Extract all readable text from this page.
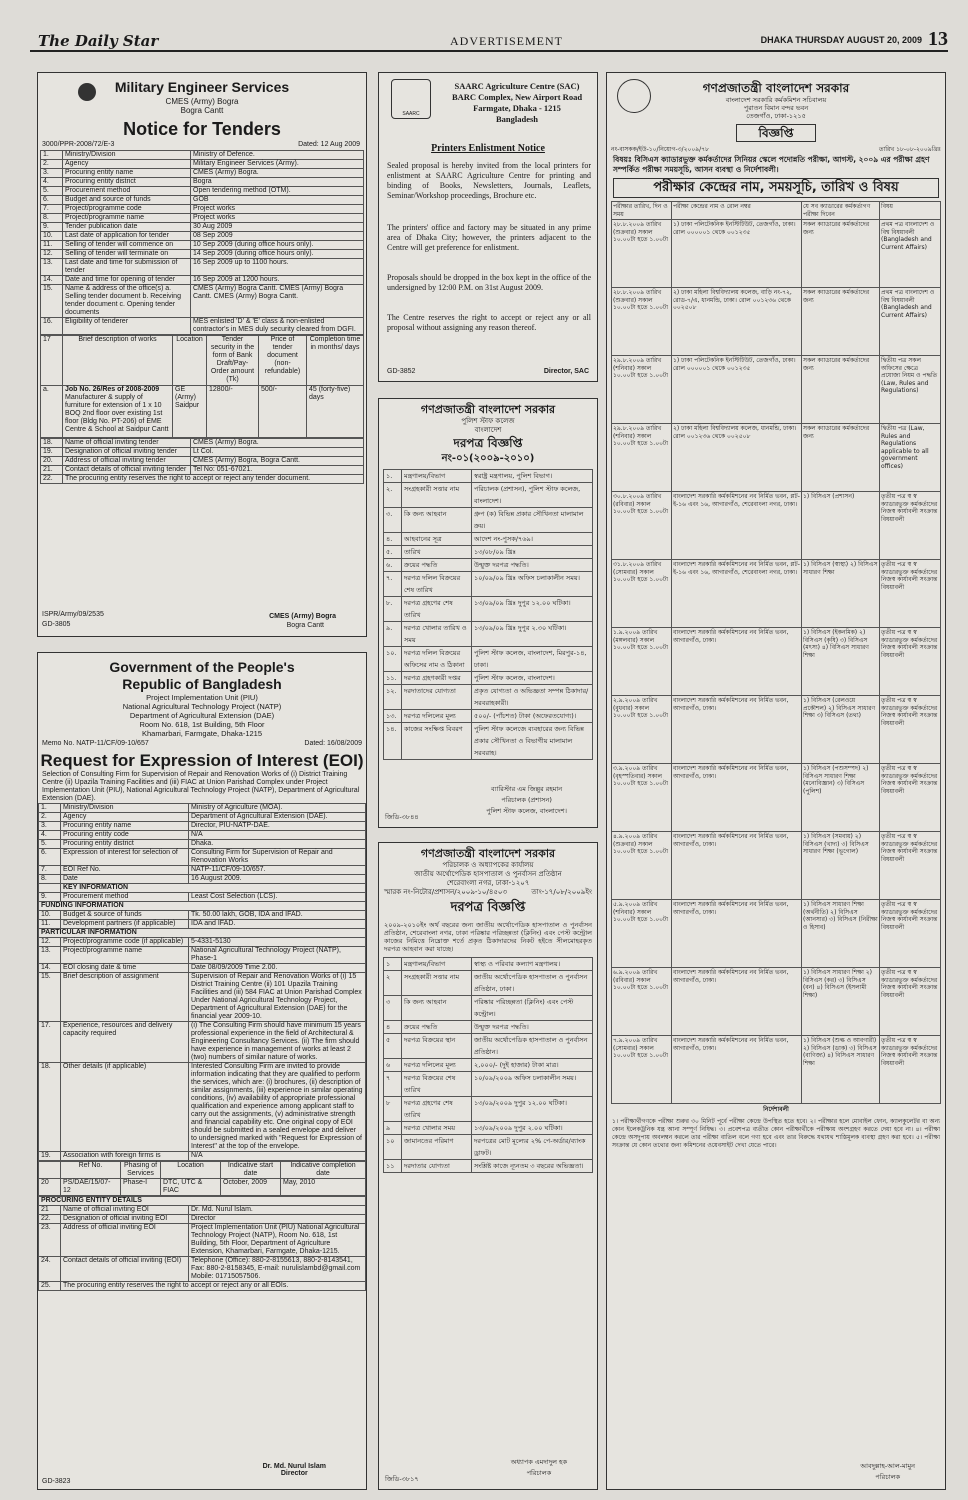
The Daily Star	ADVERTISEMENT	DHAKA THURSDAY AUGUST 20, 2009 13
Military Engineer Services
CMES (Army) Bogra
Bogra Cantt
Notice for Tenders
3000/PPR-2008/72/E-3	Dated: 12 Aug 2009
1.	Ministry/Division	Ministry of Defence.
2.	Agency	Military Engineer Services (Army).
3.	Procuring entity name	CMES (Army) Bogra.
4.	Procuring entity district	Bogra
5.	Procurement method	Open tendering method (OTM).
6.	Budget and source of funds	GOB
7.	Project/programme code	Project works
8.	Project/programme name	Project works
9.	Tender publication date	30 Aug 2009
10.	Last date of application for tender	08 Sep 2009
11.	Selling of tender will commence on	10 Sep 2009 (during office hours only).
12.	Selling of tender will terminate on	14 Sep 2009 (during office hours only).
13.	Last date and time for submission of tender	16 Sep 2009 up to 1100 hours.
14.	Date and time for opening of tender	16 Sep 2009 at 1200 hours.
15.	Name & address of the office(s) a. Selling tender document b. Receiving tender document c. Opening tender documents	CMES (Army) Bogra Cantt. CMES (Army) Bogra Cantt. CMES (Army) Bogra Cantt.
16.	Eligibility of tenderer	MES enlisted 'D' & 'E' class & non-enlisted contractor's in MES duly security cleared from DGFI.
17	Brief description of works	Location	Tender security in the form of Bank Draft/Pay-Order amount (Tk)	Price of tender document (non-refundable)	Completion time in months/ days
a.	Job No. 26/Res of 2008-2009
Manufacturer & supply of furniture for extension of 1 x 10 BOQ 2nd floor over existing 1st floor (Bldg No. PT-206) of EME Centre & School at Saidpur Cantt	GE (Army) Saidpur	12800/-	500/-	45 (forty-five) days
18.	Name of official inviting tender	CMES (Army) Bogra.
19.	Designation of official inviting tender	Lt Col.
20.	Address of official inviting tender	CMES (Army) Bogra, Bogra Cantt.
21.	Contact details of official inviting tender	Tel No: 051-67021.
22.	The procuring entity reserves the right to accept or reject any tender document.	
ISPR/Army/09/2535
GD-3805
CMES (Army) Bogra
Bogra Cantt
Government of the People's
Republic of Bangladesh
Project Implementation Unit (PIU)
National Agricultural Technology Project (NATP)
Department of Agricultural Extension (DAE)
Room No. 618, 1st Building, 5th Floor
Khamarbari, Farmgate, Dhaka-1215
Memo No. NATP-11/CF/09-10/657	Dated: 16/08/2009
Request for Expression of Interest (EOI)
Selection of Consulting Firm for Supervision of Repair and Renovation Works of (i) District Training Centre (ii) Upazila Training Facilities and (iii) FIAC at Union Parishad Complex under Project Implementation Unit (PIU), National Agricultural Technology Project (NATP), Department of Agricultural Extension (DAE).
1.	Ministry/Division	Ministry of Agriculture (MOA).
2.	Agency	Department of Agricultural Extension (DAE).
3.	Procuring entity name	Director, PIU-NATP-DAE.
4.	Procuring entity code	N/A
5.	Procuring entity district	Dhaka.
6.	Expression of interest for selection of	Consulting Firm for Supervision of Repair and Renovation Works
7.	EOI Ref No.	NATP-11/CF/09-10/657.
8.	Date	16 August 2009.
	KEY INFORMATION	
9.	Procurement method	Least Cost Selection (LCS).
FUNDING INFORMATION		
10.	Budget & source of funds	Tk. 50.00 lakh, GOB, IDA and IFAD.
11.	Development partners (if applicable)	IDA and IFAD.
PARTICULAR INFORMATION		
12.	Project/programme code (if applicable)	5-4331-5130
13.	Project/programme name	National Agricultural Technology Project (NATP), Phase-1
14.	EOI closing date & time	Date 08/09/2009 Time 2.00.
15.	Brief description of assignment	Supervision of Repair and Renovation Works of (i) 15 District Training Centre (ii) 101 Upazila Training Facilities and (iii) 584 FIAC at Union Parishad Complex Under National Agricultural Technology Project, Department of Agricultural Extension (DAE) for the financial year 2009-10.
17.	Experience, resources and delivery capacity required	(i) The Consulting Firm should have minimum 15 years professional experience in the field of Architectural & Engineering Consultancy Services. (ii) The firm should have experience in management of works at least 2 (two) numbers of similar nature of works.
18.	Other details (if applicable)	Interested Consulting Firm are invited to provide information indicating that they are qualified to perform the services, which are: (i) brochures, (ii) description of similar assignments, (iii) experience in similar operating conditions, (iv) availability of appropriate professional qualification and experience among applicant staff to carry out the assignments, (v) administrative strength and financial capability etc. One original copy of EOI should be submitted in a sealed envelope and deliver to undersigned marked with "Request for Expression of Interest" at the top of the envelope.
19.	Association with foreign firms is	N/A
	Ref No.	Phasing of Services	Location	Indicative start date	Indicative completion date
20	PS/DAE/15/07-12	Phase-I	DTC, UTC & FIAC	October, 2009	May, 2010
PROCURING ENTITY DETAILS		
21	Name of official inviting EOI	Dr. Md. Nurul Islam.
22.	Designation of official inviting EOI	Director
23.	Address of official inviting EOI	Project Implementation Unit (PIU) National Agricultural Technology Project (NATP), Room No. 618, 1st Building, 5th Floor, Department of Agriculture Extension, Khamarbari, Farmgate, Dhaka-1215.
24.	Contact details of official inviting (EOI)	Telephone (Office): 880-2-8155613, 880-2-8143541, Fax: 880-2-8158345, E-mail: nurulislambd@gmail.com Mobile: 01715057506.
25.	The procuring entity reserves the right to accept or reject any or all EOIs.	
Dr. Md. Nurul Islam
Director
GD-3823
SAARC
SAARC Agriculture Centre (SAC)
BARC Complex, New Airport Road
Farmgate, Dhaka - 1215
Bangladesh
Printers Enlistment Notice
Sealed proposal is hereby invited from the local printers for enlistment at SAARC Agriculture Centre for printing and binding of Books, Newsletters, Journals, Leaflets, Seminar/Workshop proceedings, Brochure etc.
The printers' office and factory may be situated in any prime area of Dhaka City; however, the printers adjacent to the Centre will get preference for enlistment.
Proposals should be dropped in the box kept in the office of the undersigned by 12:00 P.M. on 31st August 2009.
The Centre reserves the right to accept or reject any or all proposal without assigning any reason thereof.
GD-3852	Director, SAC
গণপ্রজাতন্ত্রী বাংলাদেশ সরকার
পুলিশ স্টাফ কলেজ
বাংলাদেশ
দরপত্র বিজ্ঞপ্তি
নং-০১(২০০৯-২০১০)
১.	মন্ত্রণালয়/বিভাগ	স্বরাষ্ট্র মন্ত্রণালয়, পুলিশ বিভাগ।
২.	সংগ্রহকারী সত্তার নাম	পরিচালক (প্রশাসন), পুলিশ স্টাফ কলেজ, বাংলাদেশ।
৩.	কি জন্য আহবান	গ্রুপ (ক) বিভিন্ন প্রকার সৌখিনতা মালামাল ক্রয়।
৪.	আহবানের সূত্র	আদেশ নং-পুসক/৭৬৯।
৫.	তারিখ	১৩/০৮/০৯ খ্রিঃ
৬.	ক্রয়ের পদ্ধতি	উন্মুক্ত দরপত্র পদ্ধতি।
৭.	দরপত্র দলিল বিক্রয়ের শেষ তারিখ	১০/০৯/০৯ খ্রিঃ অফিস চলাকালীন সময়।
৮.	দরপত্র গ্রহণের শেষ তারিখ	১৩/০৯/০৯ খ্রিঃ দুপুর ১২.০০ ঘটিকা।
৯.	দরপত্র খোলার তারিখ ও সময়	১৩/০৯/০৯ খ্রিঃ দুপুর ২.৩০ ঘটিকা।
১০.	দরপত্র দলিল বিক্রয়ের অফিসের নাম ও ঠিকানা	পুলিশ স্টাফ কলেজ, বাংলাদেশ, মিরপুর-১৪, ঢাকা।
১১.	দরপত্র গ্রহণকারী দপ্তর	পুলিশ স্টাফ কলেজ, বাংলাদেশ।
১২.	দরদাতাদের যোগ্যতা	প্রকৃত যোগ্যতা ও অভিজ্ঞতা সম্পন্ন ঠিকাদার/সরবরাহকারী।
১৩.	দরপত্র দলিলের মূল্য	৫০০/- (পাঁচশত) টাকা (অফেরতযোগ্য)।
১৪.	কাজের সংক্ষিপ্ত বিবরণ	পুলিশ স্টাফ কলেজে ব্যবহারের জন্য বিভিন্ন প্রকার সৌখিনতা ও বিভাগীয় মালামাল সরবরাহ।
ব্যারিস্টার এম জিল্লুর রহমান
পরিচালক (প্রশাসন)
পুলিশ স্টাফ কলেজ, বাংলাদেশ।
জিডি-৩৮৪৪
গণপ্রজাতন্ত্রী বাংলাদেশ সরকার
পরিচালক ও অধ্যাপকের কার্যালয়
জাতীয় অর্থোপেডিক হাসপাতাল ও পুনর্বাসন প্রতিষ্ঠান
শেরেবাংলা নগর, ঢাকা-১২০৭
স্মারক নং-নিটোর/প্রশাসন/২০০৯-১০/৪৫০৩	তাং-১৭/০৮/২০০৯ইং
দরপত্র বিজ্ঞপ্তি
২০০৯-২০১০ইং অর্থ বছরের জন্য জাতীয় অর্থোপেডিক হাসপাতাল ও পুনর্বাসন প্রতিষ্ঠান, শেরেবাংলা নগর, ঢাকা পরিষ্কার পরিচ্ছন্নতা (ক্লিনিং) এবং পেস্ট কন্ট্রোল কাজের নিমিত্তে নিম্নোক্ত শর্তে প্রকৃত ঠিকাদারদের নিকট হইতে সীলমোহরকৃত দরপত্র আহবান করা যাচ্ছে।
১	মন্ত্রণালয়/বিভাগ	স্বাস্থ্য ও পরিবার কল্যাণ মন্ত্রণালয়।
২	সংগ্রহকারী সত্তার নাম	জাতীয় অর্থোপেডিক হাসপাতাল ও পুনর্বাসন প্রতিষ্ঠান, ঢাকা।
৩	কি জন্য আহবান	পরিষ্কার পরিচ্ছন্নতা (ক্লিনিং) এবং পেস্ট কন্ট্রোল।
৪	ক্রয়ের পদ্ধতি	উন্মুক্ত দরপত্র পদ্ধতি।
৫	দরপত্র বিক্রয়ের স্থান	জাতীয় অর্থোপেডিক হাসপাতাল ও পুনর্বাসন প্রতিষ্ঠান।
৬	দরপত্র দলিলের মূল্য	২,০০০/- (দুই হাজার) টাকা মাত্র।
৭	দরপত্র বিক্রয়ের শেষ তারিখ	১০/০৯/২০০৯ অফিস চলাকালীন সময়।
৮	দরপত্র গ্রহণের শেষ তারিখ	১৩/০৯/২০০৯ দুপুর ১২.০০ ঘটিকা।
৯	দরপত্র খোলার সময়	১৩/০৯/২০০৯ দুপুর ২.০০ ঘটিকা।
১০	জামানতের পরিমাণ	দরপত্রের মোট মূল্যের ২% পে-অর্ডার/ব্যাংক ড্রাফট।
১১	দরদাতার যোগ্যতা	সংশ্লিষ্ট কাজে ন্যূনতম ৩ বছরের অভিজ্ঞতা।
অধ্যাপক এমদাদুল হক
পরিচালক
জিডি-৩৮১৭
গণপ্রজাতন্ত্রী বাংলাদেশ সরকার
বাংলাদেশ সরকারি কর্মকমিশন সচিবালয়
পুরাতন বিমান বন্দর ভবন
তেজগাঁও, ঢাকা-১২১৫
বিজ্ঞপ্তি
নং-বাসকক/ইউ-১০/নিয়োগ-৩/২০০৯/৭৮	তারিখ ১৮-০৮-২০০৯খ্রিঃ
বিষয়ঃ বিসিএস ক্যাডারভুক্ত কর্মকর্তাদের সিনিয়র স্কেলে পদোন্নতি পরীক্ষা, আগস্ট, ২০০৯ এর পরীক্ষা গ্রহণ সম্পর্কিত পরীক্ষা সময়সূচি, আসন ব্যবস্থা ও নির্দেশাবলী।
পরীক্ষার কেন্দ্রের নাম, সময়সূচি, তারিখ ও বিষয়
পরীক্ষার তারিখ, দিন ও সময়	পরীক্ষা কেন্দ্রের নাম ও রোল নম্বর	যে সব ক্যাডারের কর্মকর্তাগণ পরীক্ষা দিবেন	বিষয়
২৮.৮.২০০৯ তারিখ (শুক্রবার) সকাল ১০.০০টা হতে ১.০০টা	১) ঢাকা পলিটেকনিক ইনস্টিটিউট, তেজগাঁও, ঢাকা। রোল ০০০০০১ থেকে ০০১২৩৫	সকল ক্যাডারের কর্মকর্তাদের জন্য	প্রথম পত্র বাংলাদেশ ও বিশ্ব বিষয়াবলী (Bangladesh and Current Affairs)
২৮.৮.২০০৯ তারিখ (শুক্রবার) সকাল ১০.০০টা হতে ১.০০টা	২) ঢাকা মহিলা বিশ্ববিদ্যালয় কলেজ, বাড়ি নং-৭২, রোড-৭/এ, ধানমন্ডি, ঢাকা। রোল ০০১২৩৬ থেকে ০০২৫০৮	সকল ক্যাডারের কর্মকর্তাদের জন্য	প্রথম পত্র বাংলাদেশ ও বিশ্ব বিষয়াবলী (Bangladesh and Current Affairs)
২৯.৮.২০০৯ তারিখ (শনিবার) সকাল ১০.০০টা হতে ১.০০টা	১) ঢাকা পলিটেকনিক ইনস্টিটিউট, তেজগাঁও, ঢাকা। রোল ০০০০০১ থেকে ০০১২৩৫	সকল ক্যাডারের কর্মকর্তাদের জন্য	দ্বিতীয় পত্র সকল অফিসের ক্ষেত্রে প্রযোজ্য নিয়ম ও পদ্ধতি (Law, Rules and Regulations)
২৯.৮.২০০৯ তারিখ (শনিবার) সকাল ১০.০০টা হতে ১.০০টা	২) ঢাকা মহিলা বিশ্ববিদ্যালয় কলেজ, ধানমন্ডি, ঢাকা। রোল ০০১২৩৬ থেকে ০০২৫০৮	সকল ক্যাডারের কর্মকর্তাদের জন্য	দ্বিতীয় পত্র (Law, Rules and Regulations applicable to all government offices)
৩০.৮.২০০৯ তারিখ (রবিবার) সকাল ১০.০০টা হতে ১.০০টা	বাংলাদেশ সরকারি কর্মকমিশনের নব নির্মিত ভবন, প্লট-ই-১৬ এবং ১৬, আগারগাঁও, শেরেবাংলা নগর, ঢাকা।	১) বিসিএস (প্রশাসন)	তৃতীয় পত্র স্ব স্ব ক্যাডারভুক্ত কর্মকর্তাদের নিজস্ব কার্যাবলী সংক্রান্ত বিষয়াবলী
৩১.৮.২০০৯ তারিখ (সোমবার) সকাল ১০.০০টা হতে ১.০০টা	বাংলাদেশ সরকারি কর্মকমিশনের নব নির্মিত ভবন, প্লট-ই-১৬ এবং ১৬, আগারগাঁও, শেরেবাংলা নগর, ঢাকা।	১) বিসিএস (স্বাস্থ্য) ২) বিসিএস সাধারণ শিক্ষা	তৃতীয় পত্র স্ব স্ব ক্যাডারভুক্ত কর্মকর্তাদের নিজস্ব কার্যাবলী সংক্রান্ত বিষয়াবলী
১.৯.২০০৯ তারিখ (মঙ্গলবার) সকাল ১০.০০টা হতে ১.০০টা	বাংলাদেশ সরকারি কর্মকমিশনের নব নির্মিত ভবন, আগারগাঁও, ঢাকা।	১) বিসিএস (ইকনমিক) ২) বিসিএস (কৃষি) ৩) বিসিএস (মৎস্য) ৪) বিসিএস সাধারণ শিক্ষা	তৃতীয় পত্র স্ব স্ব ক্যাডারভুক্ত কর্মকর্তাদের নিজস্ব কার্যাবলী সংক্রান্ত বিষয়াবলী
২.৯.২০০৯ তারিখ (বুধবার) সকাল ১০.০০টা হতে ১.০০টা	বাংলাদেশ সরকারি কর্মকমিশনের নব নির্মিত ভবন, আগারগাঁও, ঢাকা।	১) বিসিএস (রেলওয়ে প্রকৌশল) ২) বিসিএস সাধারণ শিক্ষা ৩) বিসিএস (তথ্য)	তৃতীয় পত্র স্ব স্ব ক্যাডারভুক্ত কর্মকর্তাদের নিজস্ব কার্যাবলী সংক্রান্ত বিষয়াবলী
৩.৯.২০০৯ তারিখ (বৃহস্পতিবার) সকাল ১০.০০টা হতে ১.০০টা	বাংলাদেশ সরকারি কর্মকমিশনের নব নির্মিত ভবন, আগারগাঁও, ঢাকা।	১) বিসিএস (পশুসম্পদ) ২) বিসিএস সাধারণ শিক্ষা (মনোবিজ্ঞান) ৩) বিসিএস (পুলিশ)	তৃতীয় পত্র স্ব স্ব ক্যাডারভুক্ত কর্মকর্তাদের নিজস্ব কার্যাবলী সংক্রান্ত বিষয়াবলী
৪.৯.২০০৯ তারিখ (শুক্রবার) সকাল ১০.০০টা হতে ১.০০টা	বাংলাদেশ সরকারি কর্মকমিশনের নব নির্মিত ভবন, আগারগাঁও, ঢাকা।	১) বিসিএস (সমবায়) ২) বিসিএস (খাদ্য) ৩) বিসিএস সাধারণ শিক্ষা (ভূগোল)	তৃতীয় পত্র স্ব স্ব ক্যাডারভুক্ত কর্মকর্তাদের নিজস্ব কার্যাবলী সংক্রান্ত বিষয়াবলী
৫.৯.২০০৯ তারিখ (শনিবার) সকাল ১০.০০টা হতে ১.০০টা	বাংলাদেশ সরকারি কর্মকমিশনের নব নির্মিত ভবন, আগারগাঁও, ঢাকা।	১) বিসিএস সাধারণ শিক্ষা (অর্থনীতি) ২) বিসিএস (আনসার) ৩) বিসিএস (নিরীক্ষা ও হিসাব)	তৃতীয় পত্র স্ব স্ব ক্যাডারভুক্ত কর্মকর্তাদের নিজস্ব কার্যাবলী সংক্রান্ত বিষয়াবলী
৬.৯.২০০৯ তারিখ (রবিবার) সকাল ১০.০০টা হতে ১.০০টা	বাংলাদেশ সরকারি কর্মকমিশনের নব নির্মিত ভবন, আগারগাঁও, ঢাকা।	১) বিসিএস সাধারণ শিক্ষা ২) বিসিএস (কর) ৩) বিসিএস (বন) ৪) বিসিএস (ইসলামী শিক্ষা)	তৃতীয় পত্র স্ব স্ব ক্যাডারভুক্ত কর্মকর্তাদের নিজস্ব কার্যাবলী সংক্রান্ত বিষয়াবলী
৭.৯.২০০৯ তারিখ (সোমবার) সকাল ১০.০০টা হতে ১.০০টা	বাংলাদেশ সরকারি কর্মকমিশনের নব নির্মিত ভবন, আগারগাঁও, ঢাকা।	১) বিসিএস (শুল্ক ও আবগারী) ২) বিসিএস (ডাক) ৩) বিসিএস (বাণিজ্য) ৪) বিসিএস সাধারণ শিক্ষা	তৃতীয় পত্র স্ব স্ব ক্যাডারভুক্ত কর্মকর্তাদের নিজস্ব কার্যাবলী সংক্রান্ত বিষয়াবলী
নির্দেশাবলী
১। পরীক্ষার্থীগণকে পরীক্ষা শুরুর ৩০ মিনিট পূর্বে পরীক্ষা কেন্দ্রে উপস্থিত হতে হবে। ২। পরীক্ষার হলে মোবাইল ফোন, ক্যালকুলেটর বা অন্য কোন ইলেকট্রনিক যন্ত্র আনা সম্পূর্ণ নিষিদ্ধ। ৩। প্রবেশপত্র ব্যতীত কোন পরীক্ষার্থীকে পরীক্ষায় অংশগ্রহণ করতে দেয়া হবে না। ৪। পরীক্ষা কেন্দ্রে অসদুপায় অবলম্বন করলে তার পরীক্ষা বাতিল বলে গণ্য হবে এবং তার বিরুদ্ধে যথাযথ শাস্তিমূলক ব্যবস্থা গ্রহণ করা হবে। ৫। পরীক্ষা সংক্রান্ত যে কোন তথ্যের জন্য কমিশনের ওয়েবসাইট দেখা যেতে পারে।
আবদুল্লাহ-আল-মামুন
পরিচালক
